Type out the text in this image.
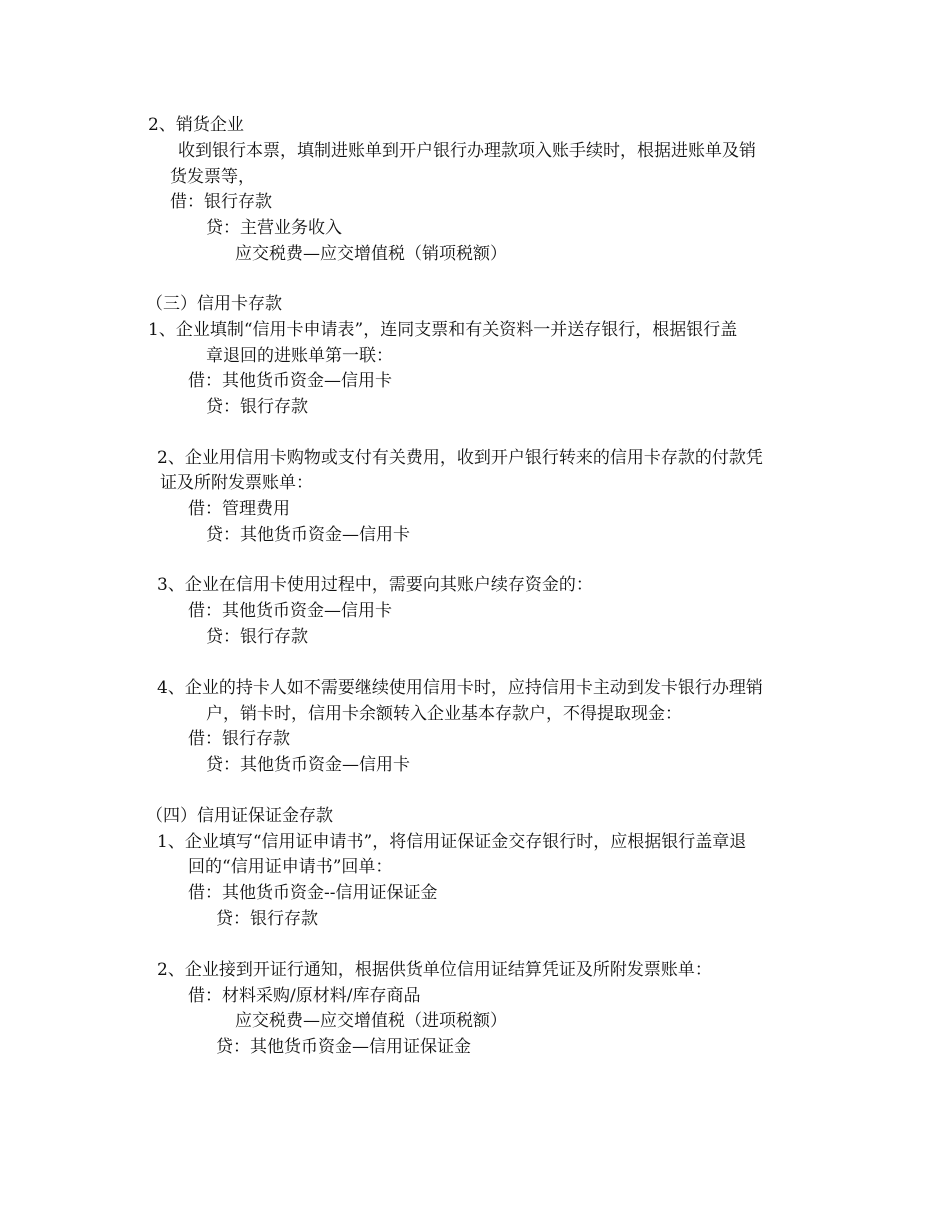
2、销货企业
收到银行本票，填制进账单到开户银行办理款项入账手续时，根据进账单及销
货发票等，
借：银行存款
贷：主营业务收入
应交税费—应交增值税（销项税额）
（三）信用卡存款
1、企业填制“信用卡申请表”，连同支票和有关资料一并送存银行，根据银行盖
章退回的进账单第一联：
借：其他货币资金—信用卡
贷：银行存款
2、企业用信用卡购物或支付有关费用，收到开户银行转来的信用卡存款的付款凭
证及所附发票账单：
借：管理费用
贷：其他货币资金—信用卡
3、企业在信用卡使用过程中，需要向其账户续存资金的：
借：其他货币资金—信用卡
贷：银行存款
4、企业的持卡人如不需要继续使用信用卡时，应持信用卡主动到发卡银行办理销
户，销卡时，信用卡余额转入企业基本存款户，不得提取现金：
借：银行存款
贷：其他货币资金—信用卡
（四）信用证保证金存款
1、企业填写“信用证申请书”，将信用证保证金交存银行时，应根据银行盖章退
回的“信用证申请书”回单：
借：其他货币资金--信用证保证金
贷：银行存款
2、企业接到开证行通知，根据供货单位信用证结算凭证及所附发票账单：
借：材料采购/原材料/库存商品
应交税费—应交增值税（进项税额）
贷：其他货币资金—信用证保证金
